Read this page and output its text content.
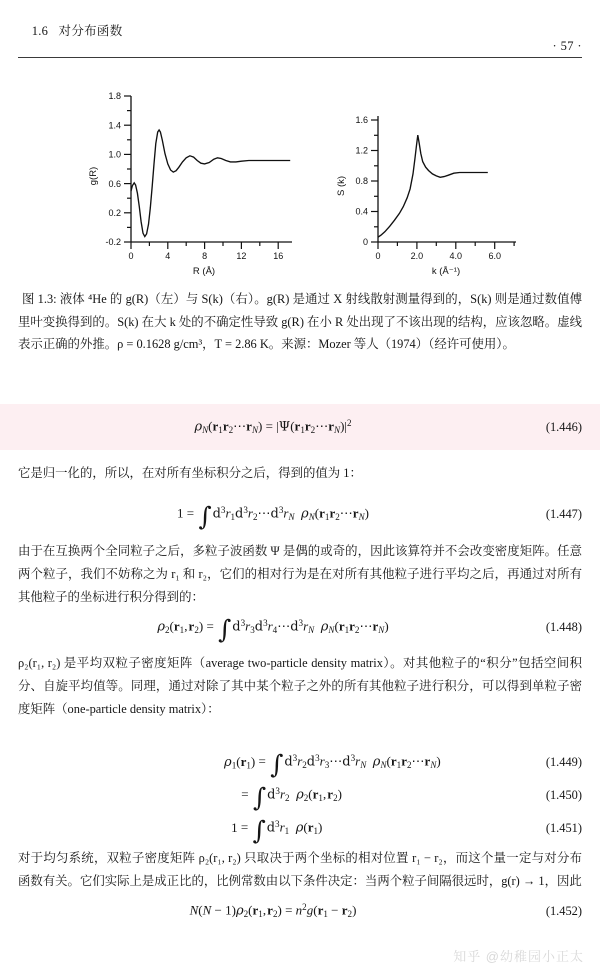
1.6 对分布函数

· 57 ·
-0.2
0.2
0.6
1.0
1.4
1.8
0	4	8	12	16
R (Å)
g(R)
0
0.4
0.8
1.2
1.6
0	2.0	4.0	6.0
k (Å⁻¹)
S (k)
图 1.3: 液体 ⁴He 的 g(R)（左）与 S(k)（右）。g(R) 是通过 X 射线散射测量得到的，S(k) 则是通过数值傅里叶变换得到的。S(k) 在大 k 处的不确定性导致 g(R) 在小 R 处出现了不该出现的结构，应该忽略。虚线表示正确的外推。ρ = 0.1628 g/cm³，T = 2.86 K。来源：Mozer 等人（1974）（经许可使用）。
$\rho_N(r_1r_2\cdots r_N)$ = $|\Psi(r_1r_2\cdots r_N)|^2$	(1.446)
它是归一化的，所以，在对所有坐标积分之后，得到的值为 1：
$1 = \int d^3r_1d^3r_2\cdots d^3r_N$ $\rho_N(r_1r_2\cdots r_N)$	(1.447)
由于在互换两个全同粒子之后，多粒子波函数 Ψ 是偶的或奇的，因此该算符并不会改变密度矩阵。任意两个粒子，我们不妨称之为 r₁ 和 r₂，它们的相对行为是在对所有其他粒子进行平均之后，再通过对所有其他粒子的坐标进行积分得到的：
$\rho_2(r_1$, $r_2$) = $\int d^3r_3d^3r_4\cdots d^3r_N$ $\rho_N(r_1r_2\cdots r_N)$	(1.448)
ρ₂(r₁, r₂) 是平均双粒子密度矩阵（average two-particle density matrix）。对其他粒子的“积分”包括空间积分、自旋平均值等。同理，通过对除了其中某个粒子之外的所有其他粒子进行积分，可以得到单粒子密度矩阵（one-particle density matrix）：
$\rho_1(r_1)$ = $\int d^3r_2d^3r_3\cdots d^3r_N$ $\rho_N(r_1r_2\cdots r_N)$	(1.449)
= $\int d^3r_2$ $\rho_2(r_1$, $r_2$)	(1.450)
$1 = \int d^3r_1$ $\rho(r_1)$	(1.451)
对于均匀系统，双粒子密度矩阵 ρ₂(r₁, r₂) 只取决于两个坐标的相对位置 r₁ − r₂，而这个量一定与对分布函数有关。它们实际上是成正比的，比例常数由以下条件决定：当两个粒子间隔很远时，g(r) → 1，因此
$N(N - 1)\rho_2(r_1$, $r_2) = n^2g(r_1 - r_2)$	(1.452)
知乎 @幼稚园小正太
